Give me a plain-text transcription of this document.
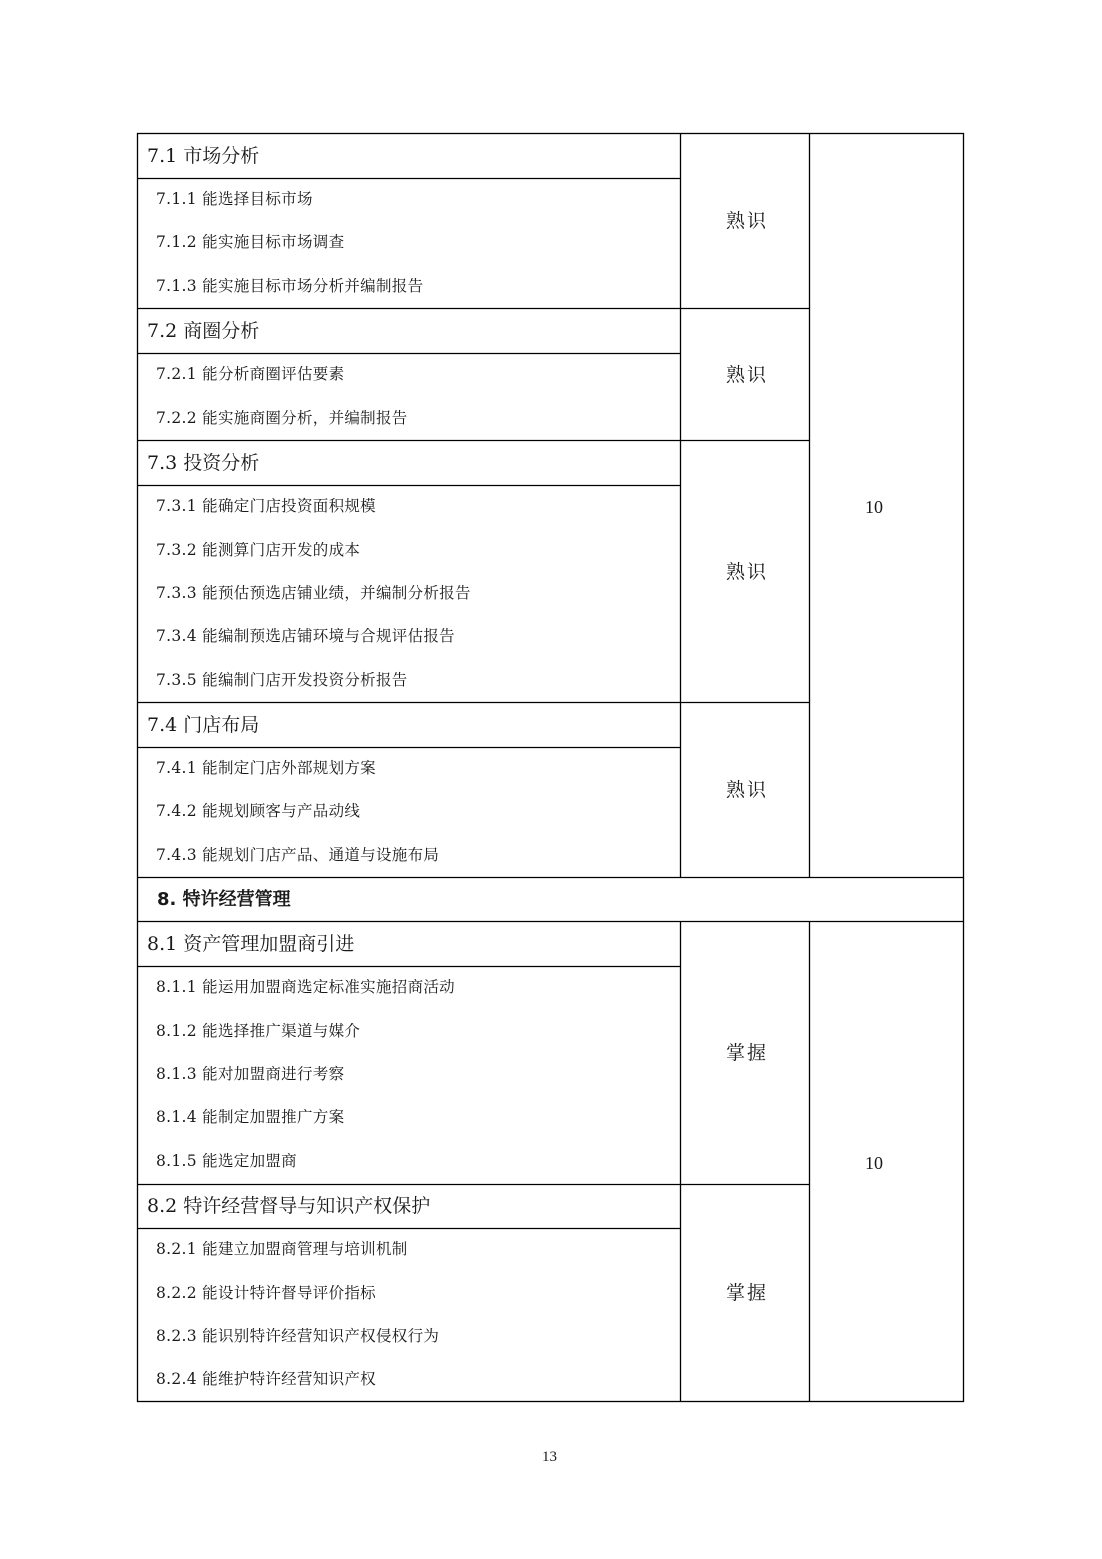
7.1 市场分析
7.1.1 能选择目标市场
7.1.2 能实施目标市场调查
7.1.3 能实施目标市场分析并编制报告
熟识
7.2 商圈分析
7.2.1 能分析商圈评估要素
7.2.2 能实施商圈分析，并编制报告
熟识
7.3 投资分析
7.3.1 能确定门店投资面积规模
7.3.2 能测算门店开发的成本
7.3.3 能预估预选店铺业绩，并编制分析报告
7.3.4 能编制预选店铺环境与合规评估报告
7.3.5 能编制门店开发投资分析报告
熟识
7.4 门店布局
7.4.1 能制定门店外部规划方案
7.4.2 能规划顾客与产品动线
7.4.3 能规划门店产品、通道与设施布局
熟识
10
8. 特许经营管理
8.1 资产管理加盟商引进
8.1.1 能运用加盟商选定标准实施招商活动
8.1.2 能选择推广渠道与媒介
8.1.3 能对加盟商进行考察
8.1.4 能制定加盟推广方案
8.1.5 能选定加盟商
掌握
8.2 特许经营督导与知识产权保护
8.2.1 能建立加盟商管理与培训机制
8.2.2 能设计特许督导评价指标
8.2.3 能识别特许经营知识产权侵权行为
8.2.4 能维护特许经营知识产权
掌握
10
13
